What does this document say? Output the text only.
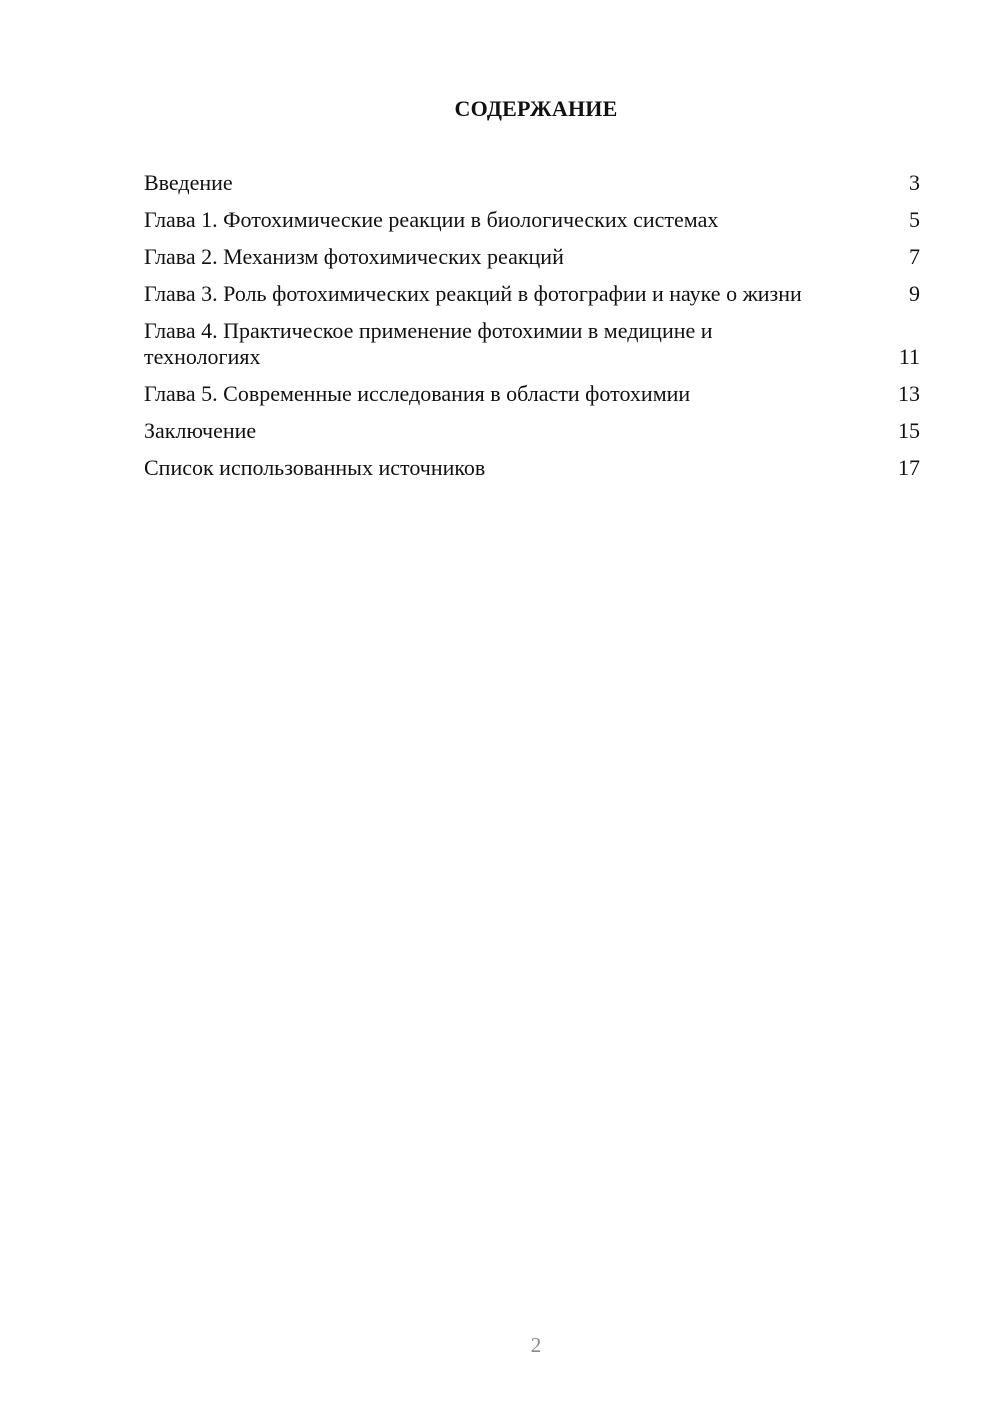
СОДЕРЖАНИЕ
Введение	3
Глава 1. Фотохимические реакции в биологических системах	5
Глава 2. Механизм фотохимических реакций	7
Глава 3. Роль фотохимических реакций в фотографии и науке о жизни	9
Глава 4. Практическое применение фотохимии в медицине и технологиях	11
Глава 5. Современные исследования в области фотохимии	13
Заключение	15
Список использованных источников	17
2
